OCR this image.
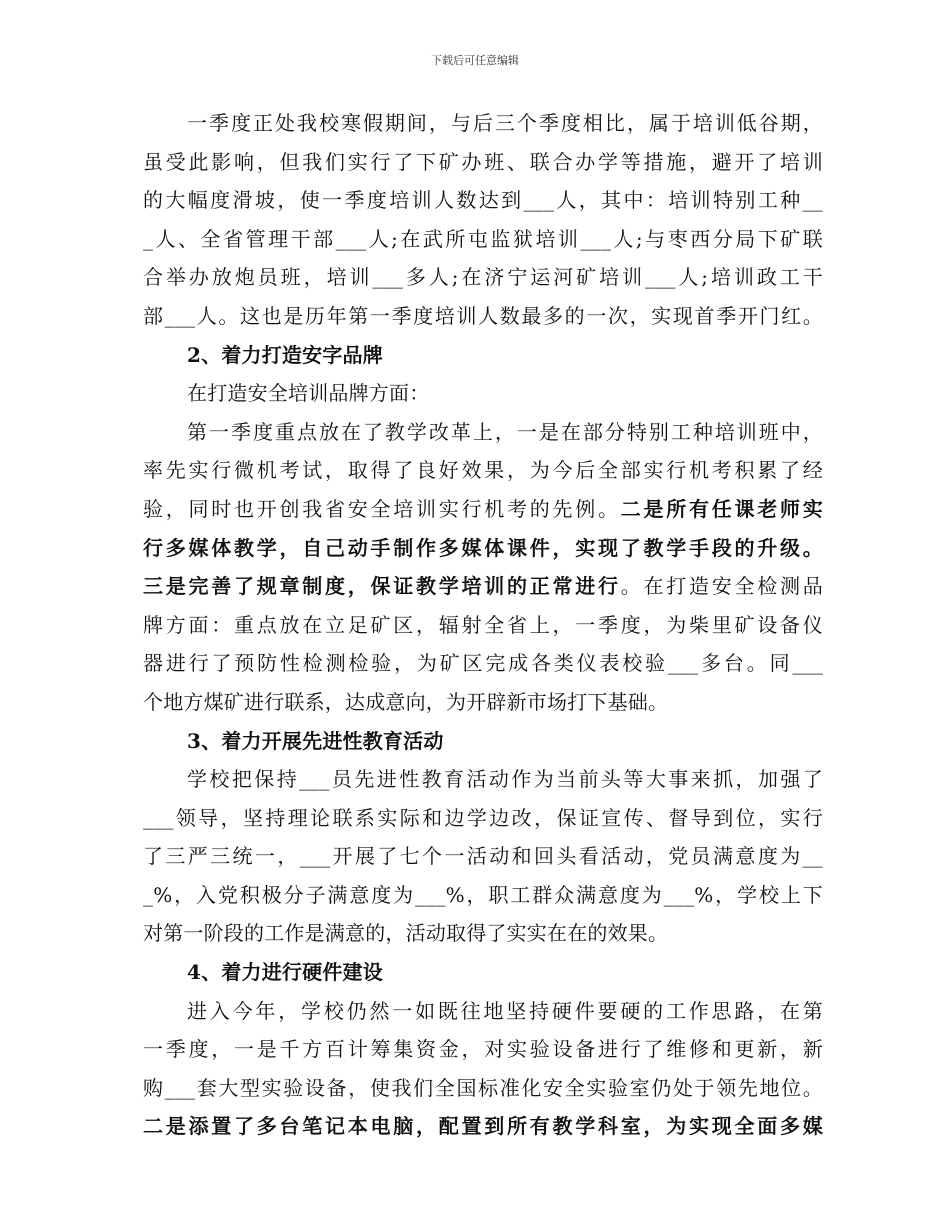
下载后可任意编辑
一季度正处我校寒假期间，与后三个季度相比，属于培训低谷期，
虽受此影响，但我们实行了下矿办班、联合办学等措施，避开了培训
的大幅度滑坡，使一季度培训人数达到___人，其中：培训特别工种__
_人、全省管理干部___人;在武所屯监狱培训___人;与枣西分局下矿联
合举办放炮员班，培训___多人;在济宁运河矿培训___人;培训政工干
部___人。这也是历年第一季度培训人数最多的一次，实现首季开门红。
2、着力打造安字品牌
在打造安全培训品牌方面：
第一季度重点放在了教学改革上，一是在部分特别工种培训班中，
率先实行微机考试，取得了良好效果，为今后全部实行机考积累了经
验，同时也开创我省安全培训实行机考的先例。二是所有任课老师实
行多媒体教学，自己动手制作多媒体课件，实现了教学手段的升级。
三是完善了规章制度，保证教学培训的正常进行。在打造安全检测品
牌方面：重点放在立足矿区，辐射全省上，一季度，为柴里矿设备仪
器进行了预防性检测检验，为矿区完成各类仪表校验___多台。同___
个地方煤矿进行联系，达成意向，为开辟新市场打下基础。
3、着力开展先进性教育活动
学校把保持___员先进性教育活动作为当前头等大事来抓，加强了
___领导，坚持理论联系实际和边学边改，保证宣传、督导到位，实行
了三严三统一，___开展了七个一活动和回头看活动，党员满意度为__
_%，入党积极分子满意度为___%，职工群众满意度为___%，学校上下
对第一阶段的工作是满意的，活动取得了实实在在的效果。
4、着力进行硬件建设
进入今年，学校仍然一如既往地坚持硬件要硬的工作思路，在第
一季度，一是千方百计筹集资金，对实验设备进行了维修和更新，新
购___套大型实验设备，使我们全国标准化安全实验室仍处于领先地位。
二是添置了多台笔记本电脑，配置到所有教学科室，为实现全面多媒
